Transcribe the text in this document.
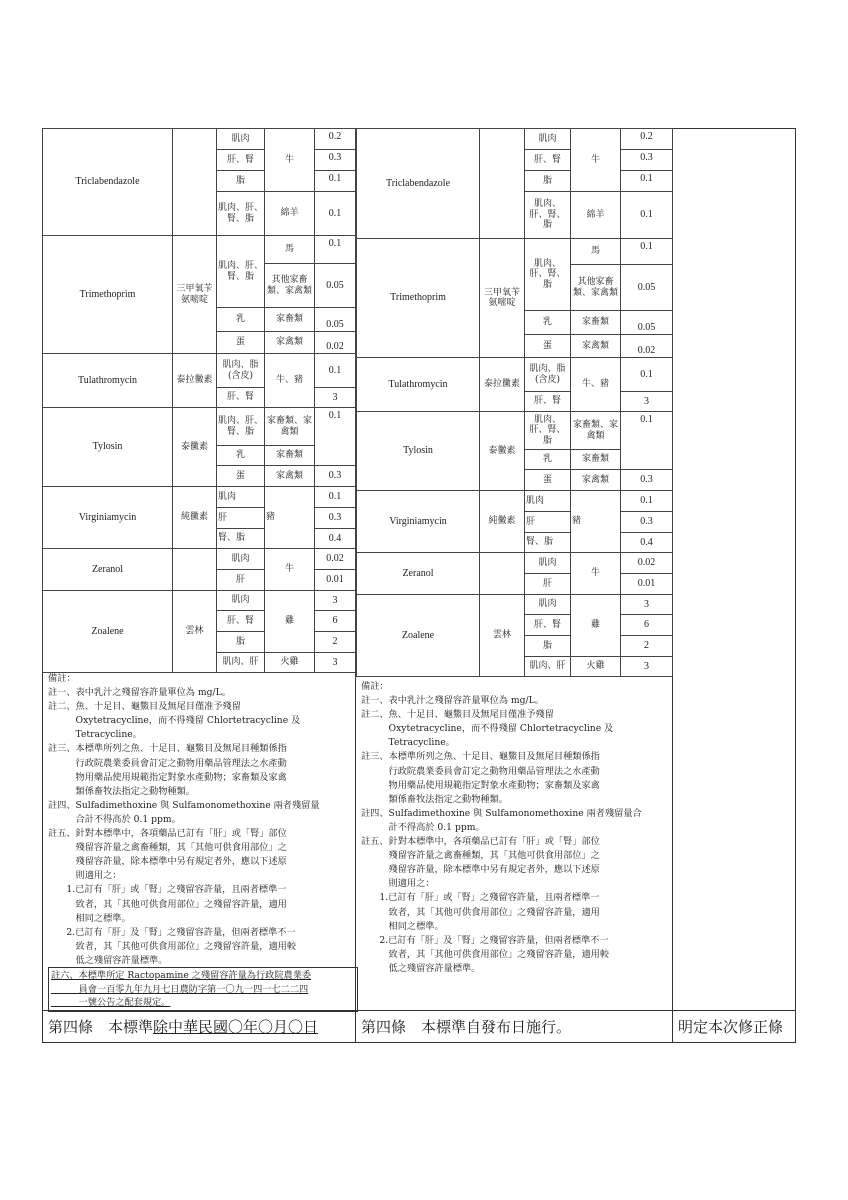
Triclabendazole		肌肉	牛	0.2
		肝、腎		0.3
		脂		0.1
		肌肉、肝、腎、脂	綿羊	0.1

Trimethoprim	三甲氧苄氨嘧啶	肌肉、肝、腎、脂	馬	0.1
			其他家畜類、家禽類	0.05
		乳	家畜類	0.05
		蛋	家禽類	0.02
Tulathromycin	泰拉黴素	肌肉、脂(含皮)	牛、豬	0.1
		肝、腎		3
Tylosin	泰黴素	肌肉、肝、腎、脂	家畜類、家禽類	0.1
		乳	家畜類	
		蛋	家禽類	0.3
Virginiamycin	純黴素	肌肉	豬	0.1
		肝		0.3
		腎、脂		0.4
Zeranol		肌肉	牛	0.02
		肝		0.01
Zoalene	雲林	肌肉	雞	3
		肝、腎		6
		脂		2
		肌肉、肝	火雞	3
Triclabendazole		肌肉	牛	0.2
		肝、腎		0.3
		脂		0.1
		肌肉、肝、腎、脂	綿羊	0.1

Trimethoprim	三甲氧苄氨嘧啶	肌肉、肝、腎、脂	馬	0.1
			其他家畜類、家禽類	0.05
		乳	家畜類	0.05
		蛋	家禽類	0.02
Tulathromycin	泰拉黴素	肌肉、脂(含皮)	牛、豬	0.1
		肝、腎		3
Tylosin	泰黴素	肌肉、肝、腎、脂	家畜類、家禽類	0.1
		乳	家畜類	
		蛋	家禽類	0.3
Virginiamycin	純黴素	肌肉	豬	0.1
		肝		0.3
		腎、脂		0.4
Zeranol		肌肉	牛	0.02
		肝		0.01
Zoalene	雲林	肌肉	雞	3
		肝、腎		6
		脂		2
		肌肉、肝	火雞	3
備註：
註一、表中乳汁之殘留容許量單位為 mg/L。
註二、魚、十足目、龜鱉目及無尾目僅准予殘留
　　　Oxytetracycline，而不得殘留 Chlortetracycline 及
　　　Tetracycline。
註三、本標準所列之魚、十足目、龜鱉目及無尾目種類係指
　　　行政院農業委員會訂定之動物用藥品管理法之水產動
　　　物用藥品使用規範指定對象水產動物；家畜類及家禽
　　　類係畜牧法指定之動物種類。
註四、Sulfadimethoxine 與 Sulfamonomethoxine 兩者殘留量
　　　合計不得高於 0.1 ppm。
註五、針對本標準中，各項藥品已訂有「肝」或「腎」部位
　　　殘留容許量之禽畜種類，其「其他可供食用部位」之
　　　殘留容許量，除本標準中另有規定者外，應以下述原
　　　則適用之：
　　1.已訂有「肝」或「腎」之殘留容許量，且兩者標準一
　　　致者，其「其他可供食用部位」之殘留容許量，適用
　　　相同之標準。
　　2.已訂有「肝」及「腎」之殘留容許量，但兩者標準不一
　　　致者，其「其他可供食用部位」之殘留容許量，適用較
　　　低之殘留容許量標準。
註六、本標準所定 Ractopamine 之殘留容許量為行政院農業委
　　　員會一百零九年九月七日農防字第一〇九一四一七二二四
　　　一號公告之配套規定。
備註：
註一、表中乳汁之殘留容許量單位為 mg/L。
註二、魚、十足目、龜鱉目及無尾目僅准予殘留
　　　Oxytetracycline，而不得殘留 Chlortetracycline 及
　　　Tetracycline。
註三、本標準所列之魚、十足目、龜鱉目及無尾目種類係指
　　　行政院農業委員會訂定之動物用藥品管理法之水產動
　　　物用藥品使用規範指定對象水產動物；家畜類及家禽
　　　類係畜牧法指定之動物種類。
註四、Sulfadimethoxine 與 Sulfamonomethoxine 兩者殘留量合
　　　計不得高於 0.1 ppm。
註五、針對本標準中，各項藥品已訂有「肝」或「腎」部位
　　　殘留容許量之禽畜種類，其「其他可供食用部位」之
　　　殘留容許量，除本標準中另有規定者外，應以下述原
　　　則適用之：
　　1.已訂有「肝」或「腎」之殘留容許量，且兩者標準一
　　　致者，其「其他可供食用部位」之殘留容許量，適用
　　　相同之標準。
　　2.已訂有「肝」及「腎」之殘留容許量，但兩者標準不一
　　　致者，其「其他可供食用部位」之殘留容許量，適用較
　　　低之殘留容許量標準。
第四條　本標準除中華民國〇年〇月〇日	第四條　本標準自發布日施行。	明定本次修正條
